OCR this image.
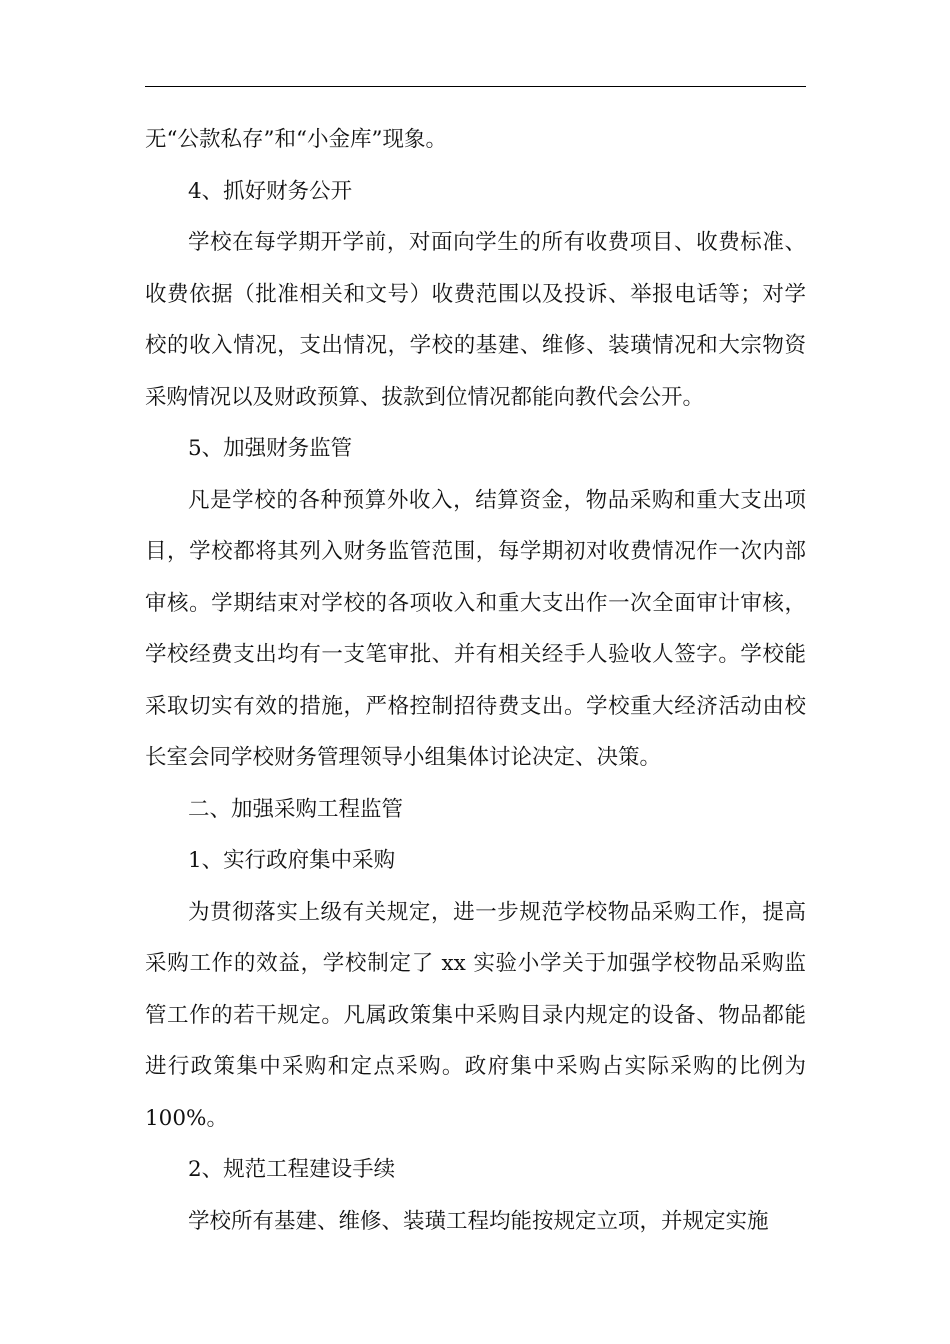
无“公款私存”和“小金库”现象。

4、抓好财务公开

学校在每学期开学前，对面向学生的所有收费项目、收费标准、收费依据（批准相关和文号）收费范围以及投诉、举报电话等；对学校的收入情况，支出情况，学校的基建、维修、装璜情况和大宗物资采购情况以及财政预算、拔款到位情况都能向教代会公开。

5、加强财务监管

凡是学校的各种预算外收入，结算资金，物品采购和重大支出项目，学校都将其列入财务监管范围，每学期初对收费情况作一次内部审核。学期结束对学校的各项收入和重大支出作一次全面审计审核，学校经费支出均有一支笔审批、并有相关经手人验收人签字。学校能采取切实有效的措施，严格控制招待费支出。学校重大经济活动由校长室会同学校财务管理领导小组集体讨论决定、决策。

二、加强采购工程监管

1、实行政府集中采购

为贯彻落实上级有关规定，进一步规范学校物品采购工作，提高采购工作的效益，学校制定了 xx 实验小学关于加强学校物品采购监管工作的若干规定。凡属政策集中采购目录内规定的设备、物品都能进行政策集中采购和定点采购。政府集中采购占实际采购的比例为 100%。

2、规范工程建设手续

学校所有基建、维修、装璜工程均能按规定立项，并规定实施
